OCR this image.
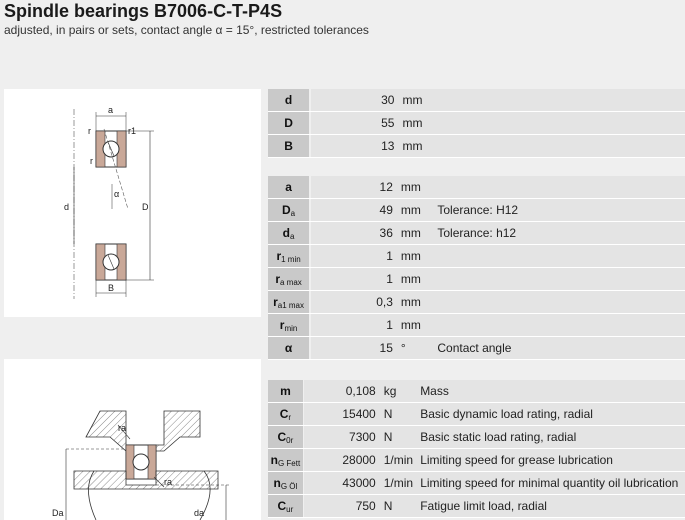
Spindle bearings B7006-C-T-P4S
adjusted, in pairs or sets, contact angle α = 15°, restricted tolerances
a
r	r1
r
d	D
α
B
ra
ra
Da	da
d		30	mm	
D		55	mm	
B		13	mm	
a		12	mm	
$D_a$		49	mm	Tolerance: H12
$d_a$		36	mm	Tolerance: h12
$r_{1 min}$		1	mm	
$r_{a max}$		1	mm	
$r_{a1 max}$		0,3	mm	
$r_{min}$		1	mm	
α		15	°	Contact angle
m		0,108	kg	Mass
$C_r$		15400	N	Basic dynamic load rating, radial
$C_{0r}$		7300	N	Basic static load rating, radial
$n_{G Fett}$		28000	1/min	Limiting speed for grease lubrication
$n_{G Öl}$		43000	1/min	Limiting speed for minimal quantity oil lubrication
$C_{ur}$		750	N	Fatigue limit load, radial
